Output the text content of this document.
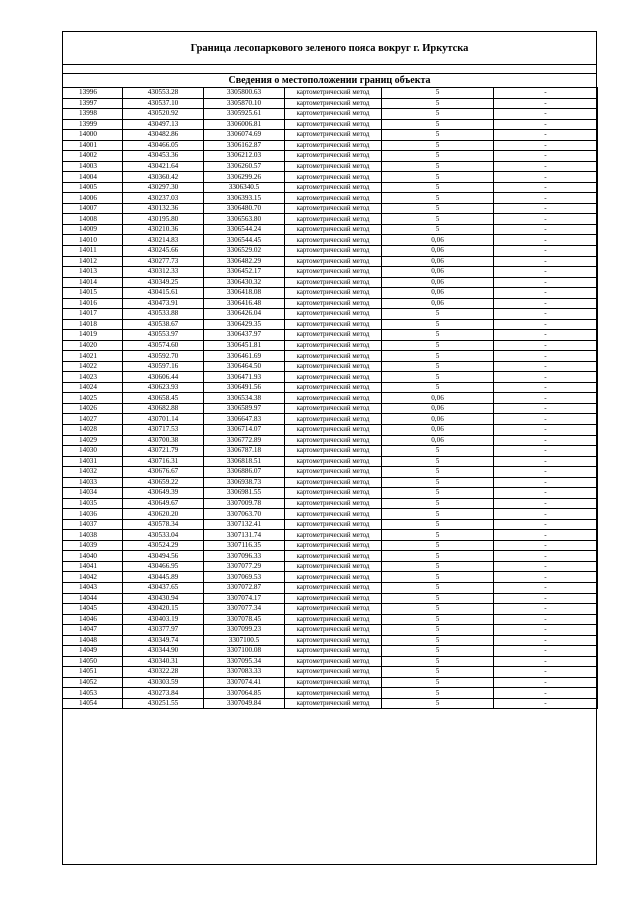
Граница лесопаркового зеленого пояса вокруг г. Иркутска
Сведения о местоположении границ объекта
13996	430553.28	3305800.63	картометрический метод	5	-
13997	430537.10	3305870.10	картометрический метод	5	-
13998	430520.92	3305925.61	картометрический метод	5	-
13999	430497.13	3306006.81	картометрический метод	5	-
14000	430482.86	3306074.69	картометрический метод	5	-
14001	430466.05	3306162.87	картометрический метод	5	-
14002	430453.36	3306212.03	картометрический метод	5	-
14003	430421.64	3306260.57	картометрический метод	5	-
14004	430360.42	3306299.26	картометрический метод	5	-
14005	430297.30	3306340.5	картометрический метод	5	-
14006	430237.03	3306393.15	картометрический метод	5	-
14007	430132.36	3306480.70	картометрический метод	5	-
14008	430195.80	3306563.80	картометрический метод	5	-
14009	430210.36	3306544.24	картометрический метод	5	-
14010	430214.83	3306544.45	картометрический метод	0,06	-
14011	430245.66	3306529.02	картометрический метод	0,06	-
14012	430277.73	3306482.29	картометрический метод	0,06	-
14013	430312.33	3306452.17	картометрический метод	0,06	-
14014	430349.25	3306430.32	картометрический метод	0,06	-
14015	430415.61	3306418.08	картометрический метод	0,06	-
14016	430473.91	3306416.48	картометрический метод	0,06	-
14017	430533.88	3306426.04	картометрический метод	5	-
14018	430538.67	3306429.35	картометрический метод	5	-
14019	430553.97	3306437.97	картометрический метод	5	-
14020	430574.60	3306451.81	картометрический метод	5	-
14021	430592.70	3306461.69	картометрический метод	5	-
14022	430597.16	3306464.50	картометрический метод	5	-
14023	430606.44	3306471.93	картометрический метод	5	-
14024	430623.93	3306491.56	картометрический метод	5	-
14025	430658.45	3306534.38	картометрический метод	0,06	-
14026	430682.88	3306589.97	картометрический метод	0,06	-
14027	430701.14	3306647.83	картометрический метод	0,06	-
14028	430717.53	3306714.07	картометрический метод	0,06	-
14029	430700.38	3306772.89	картометрический метод	0,06	-
14030	430721.79	3306787.18	картометрический метод	5	-
14031	430716.31	3306818.51	картометрический метод	5	-
14032	430676.67	3306886.07	картометрический метод	5	-
14033	430659.22	3306938.73	картометрический метод	5	-
14034	430649.39	3306981.55	картометрический метод	5	-
14035	430649.67	3307009.78	картометрический метод	5	-
14036	430620.20	3307063.70	картометрический метод	5	-
14037	430578.34	3307132.41	картометрический метод	5	-
14038	430533.04	3307131.74	картометрический метод	5	-
14039	430524.29	3307116.35	картометрический метод	5	-
14040	430494.56	3307096.33	картометрический метод	5	-
14041	430466.95	3307077.29	картометрический метод	5	-
14042	430445.89	3307069.53	картометрический метод	5	-
14043	430437.65	3307072.87	картометрический метод	5	-
14044	430430.94	3307074.17	картометрический метод	5	-
14045	430420.15	3307077.34	картометрический метод	5	-
14046	430403.19	3307078.45	картометрический метод	5	-
14047	430377.97	3307099.23	картометрический метод	5	-
14048	430349.74	3307100.5	картометрический метод	5	-
14049	430344.90	3307100.08	картометрический метод	5	-
14050	430340.31	3307095.34	картометрический метод	5	-
14051	430322.28	3307083.33	картометрический метод	5	-
14052	430303.59	3307074.41	картометрический метод	5	-
14053	430273.84	3307064.85	картометрический метод	5	-
14054	430251.55	3307049.84	картометрический метод	5	-
